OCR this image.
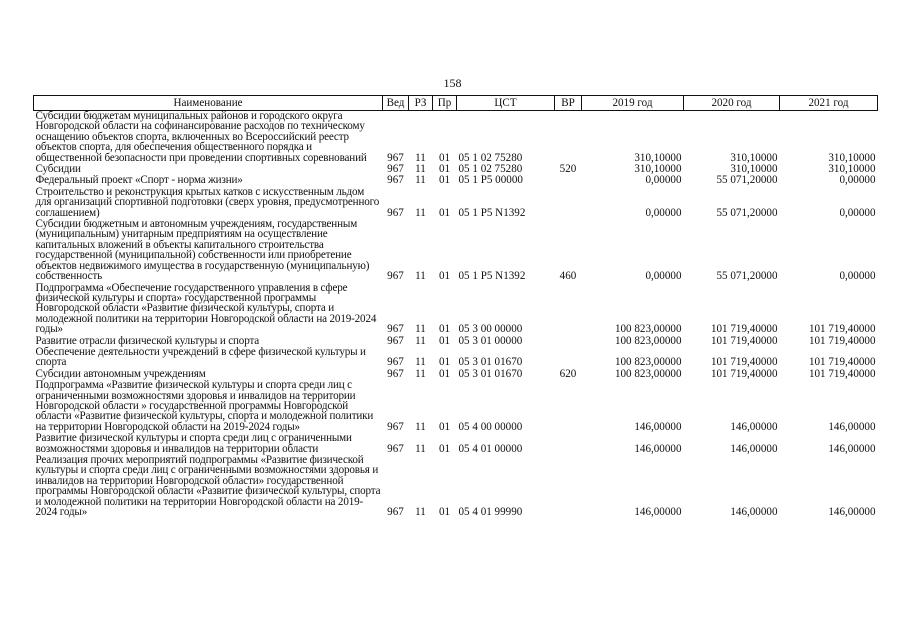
158
Наименование	Вед	РЗ	Пр	ЦСТ	ВР	2019 год	2020 год	2021 год
Субсидии бюджетам муниципальных районов и городского округа Новгородской области на софинансирование расходов по техническому оснащению объектов спорта, включенных во Всероссийский реестр объектов спорта, для обеспечения общественного порядка и общественной безопасности при проведении спортивных соревнований	967	11	01	05 1 02 75280		310,10000	310,10000	310,10000
Субсидии	967	11	01	05 1 02 75280	520	310,10000	310,10000	310,10000
Федеральный проект «Спорт - норма жизни»	967	11	01	05 1 P5 00000		0,00000	55 071,20000	0,00000
Строительство и реконструкция крытых катков с искусственным льдом для организаций спортивной подготовки (сверх уровня, предусмотренного соглашением)	967	11	01	05 1 P5 N1392		0,00000	55 071,20000	0,00000
Субсидии бюджетным и автономным учреждениям, государственным (муниципальным) унитарным предприятиям на осуществление капитальных вложений в объекты капитального строительства государственной (муниципальной) собственности или приобретение объектов недвижимого имущества в государственную (муниципальную) собственность	967	11	01	05 1 P5 N1392	460	0,00000	55 071,20000	0,00000
Подпрограмма «Обеспечение государственного управления в сфере физической культуры и спорта» государственной программы Новгородской области «Развитие физической культуры, спорта и молодежной политики на территории Новгородской области на 2019-2024 годы»	967	11	01	05 3 00 00000		100 823,00000	101 719,40000	101 719,40000
Развитие отрасли физической культуры и спорта	967	11	01	05 3 01 00000		100 823,00000	101 719,40000	101 719,40000
Обеспечение деятельности учреждений в сфере физической культуры и спорта	967	11	01	05 3 01 01670		100 823,00000	101 719,40000	101 719,40000
Субсидии автономным учреждениям	967	11	01	05 3 01 01670	620	100 823,00000	101 719,40000	101 719,40000
Подпрограмма «Развитие физической культуры и спорта среди лиц с ограниченными возможностями здоровья и инвалидов на территории Новгородской области » государственной программы Новгородской области «Развитие физической культуры, спорта и молодежной политики на территории Новгородской области на 2019-2024 годы»	967	11	01	05 4 00 00000		146,00000	146,00000	146,00000
Развитие физической культуры и спорта среди лиц с ограниченными возможностями здоровья и инвалидов на территории области	967	11	01	05 4 01 00000		146,00000	146,00000	146,00000
Реализация прочих мероприятий подпрограммы «Развитие физической культуры и спорта среди лиц с ограниченными возможностями здоровья и инвалидов на территории Новгородской области» государственной программы Новгородской области «Развитие физической культуры, спорта и молодежной политики на территории Новгородской области на 2019-2024 годы»	967	11	01	05 4 01 99990		146,00000	146,00000	146,00000
